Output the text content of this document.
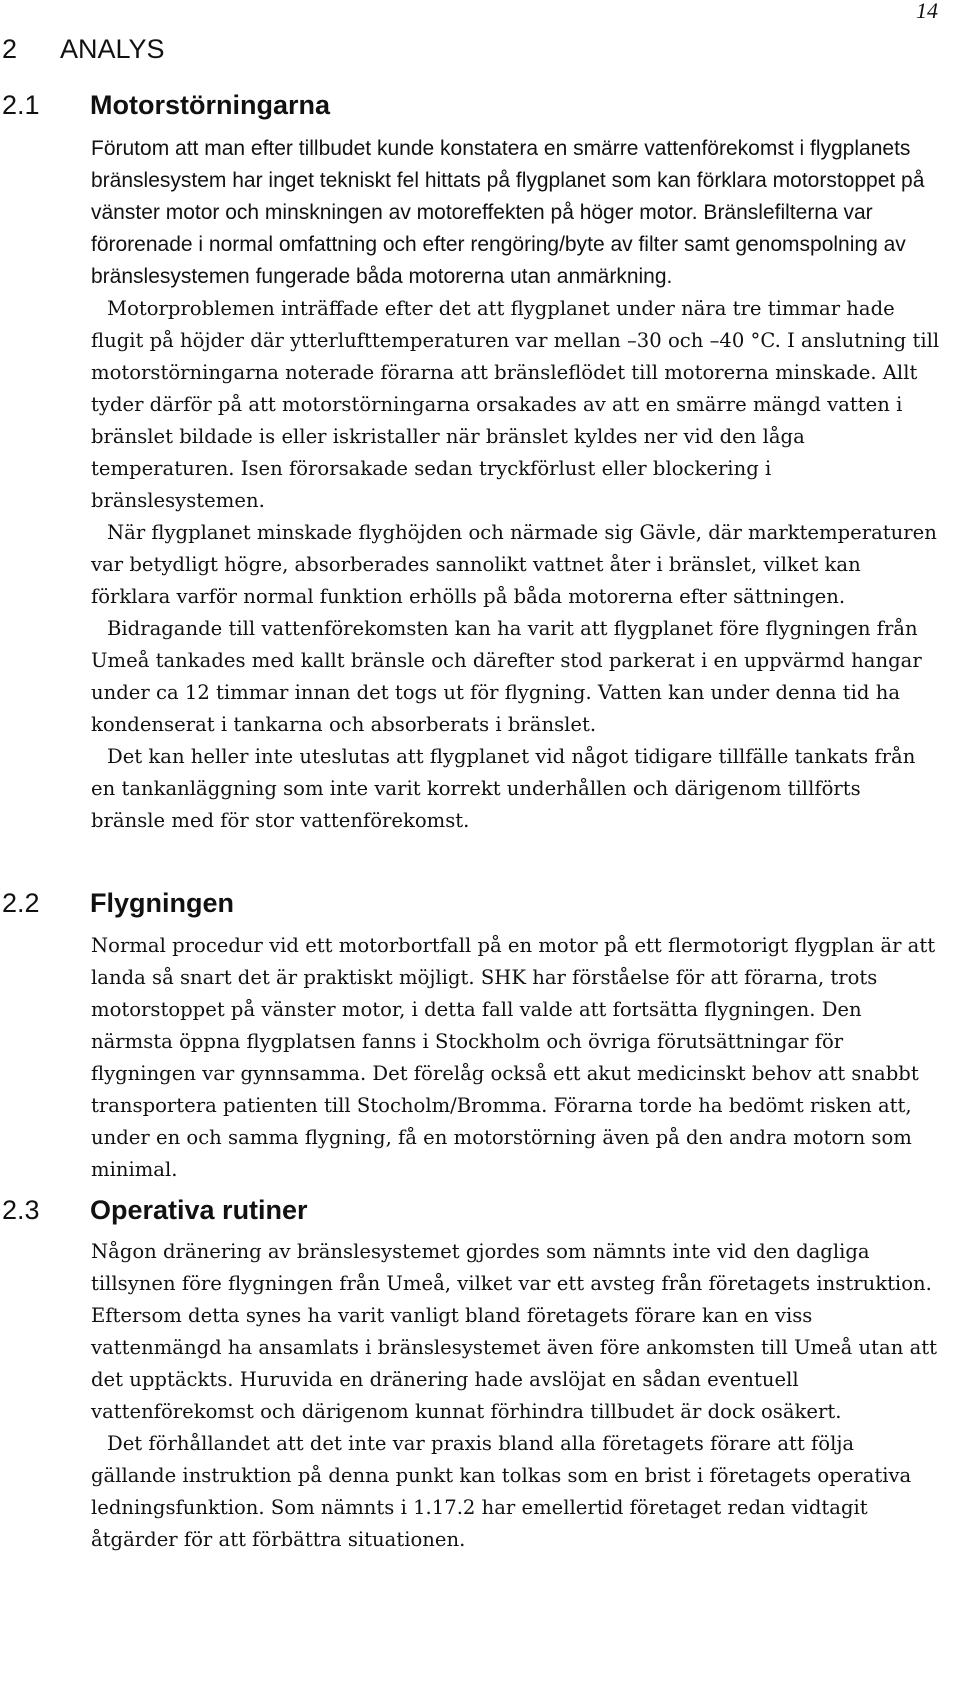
14
2 ANALYS
2.1 Motorstörningarna

Förutom att man efter tillbudet kunde konstatera en smärre vattenförekomst i flygplanets bränslesystem har inget tekniskt fel hittats på flygplanet som kan förklara motorstoppet på vänster motor och minskningen av motoreffekten på höger motor. Bränslefilterna var förorenade i normal omfattning och efter rengöring/byte av filter samt genomspolning av bränslesystemen fungerade båda motorerna utan anmärkning.

Motorproblemen inträffade efter det att flygplanet under nära tre timmar hade flugit på höjder där ytterlufttemperaturen var mellan –30 och –40 °C. I anslutning till motorstörningarna noterade förarna att bränsleflödet till motorerna minskade. Allt tyder därför på att motorstörningarna orsakades av att en smärre mängd vatten i bränslet bildade is eller iskristaller när bränslet kyldes ner vid den låga temperaturen. Isen förorsakade sedan tryckförlust eller blockering i bränslesystemen.

När flygplanet minskade flyghöjden och närmade sig Gävle, där marktemperaturen var betydligt högre, absorberades sannolikt vattnet åter i bränslet, vilket kan förklara varför normal funktion erhölls på båda motorerna efter sättningen.

Bidragande till vattenförekomsten kan ha varit att flygplanet före flygningen från Umeå tankades med kallt bränsle och därefter stod parkerat i en uppvärmd hangar under ca 12 timmar innan det togs ut för flygning. Vatten kan under denna tid ha kondenserat i tankarna och absorberats i bränslet.

Det kan heller inte uteslutas att flygplanet vid något tidigare tillfälle tankats från en tankanläggning som inte varit korrekt underhållen och därigenom tillförts bränsle med för stor vattenförekomst.

2.2 Flygningen

Normal procedur vid ett motorbortfall på en motor på ett flermotorigt flygplan är att landa så snart det är praktiskt möjligt. SHK har förståelse för att förarna, trots motorstoppet på vänster motor, i detta fall valde att fortsätta flygningen. Den närmsta öppna flygplatsen fanns i Stockholm och övriga förutsättningar för flygningen var gynnsamma. Det förelåg också ett akut medicinskt behov att snabbt transportera patienten till Stocholm/Bromma. Förarna torde ha bedömt risken att, under en och samma flygning, få en motorstörning även på den andra motorn som minimal.

2.3 Operativa rutiner

Någon dränering av bränslesystemet gjordes som nämnts inte vid den dagliga tillsynen före flygningen från Umeå, vilket var ett avsteg från företagets instruktion. Eftersom detta synes ha varit vanligt bland företagets förare kan en viss vattenmängd ha ansamlats i bränslesystemet även före ankomsten till Umeå utan att det upptäckts. Huruvida en dränering hade avslöjat en sådan eventuell vattenförekomst och därigenom kunnat förhindra tillbudet är dock osäkert.

Det förhållandet att det inte var praxis bland alla företagets förare att följa gällande instruktion på denna punkt kan tolkas som en brist i företagets operativa ledningsfunktion. Som nämnts i 1.17.2 har emellertid företaget redan vidtagit åtgärder för att förbättra situationen.
